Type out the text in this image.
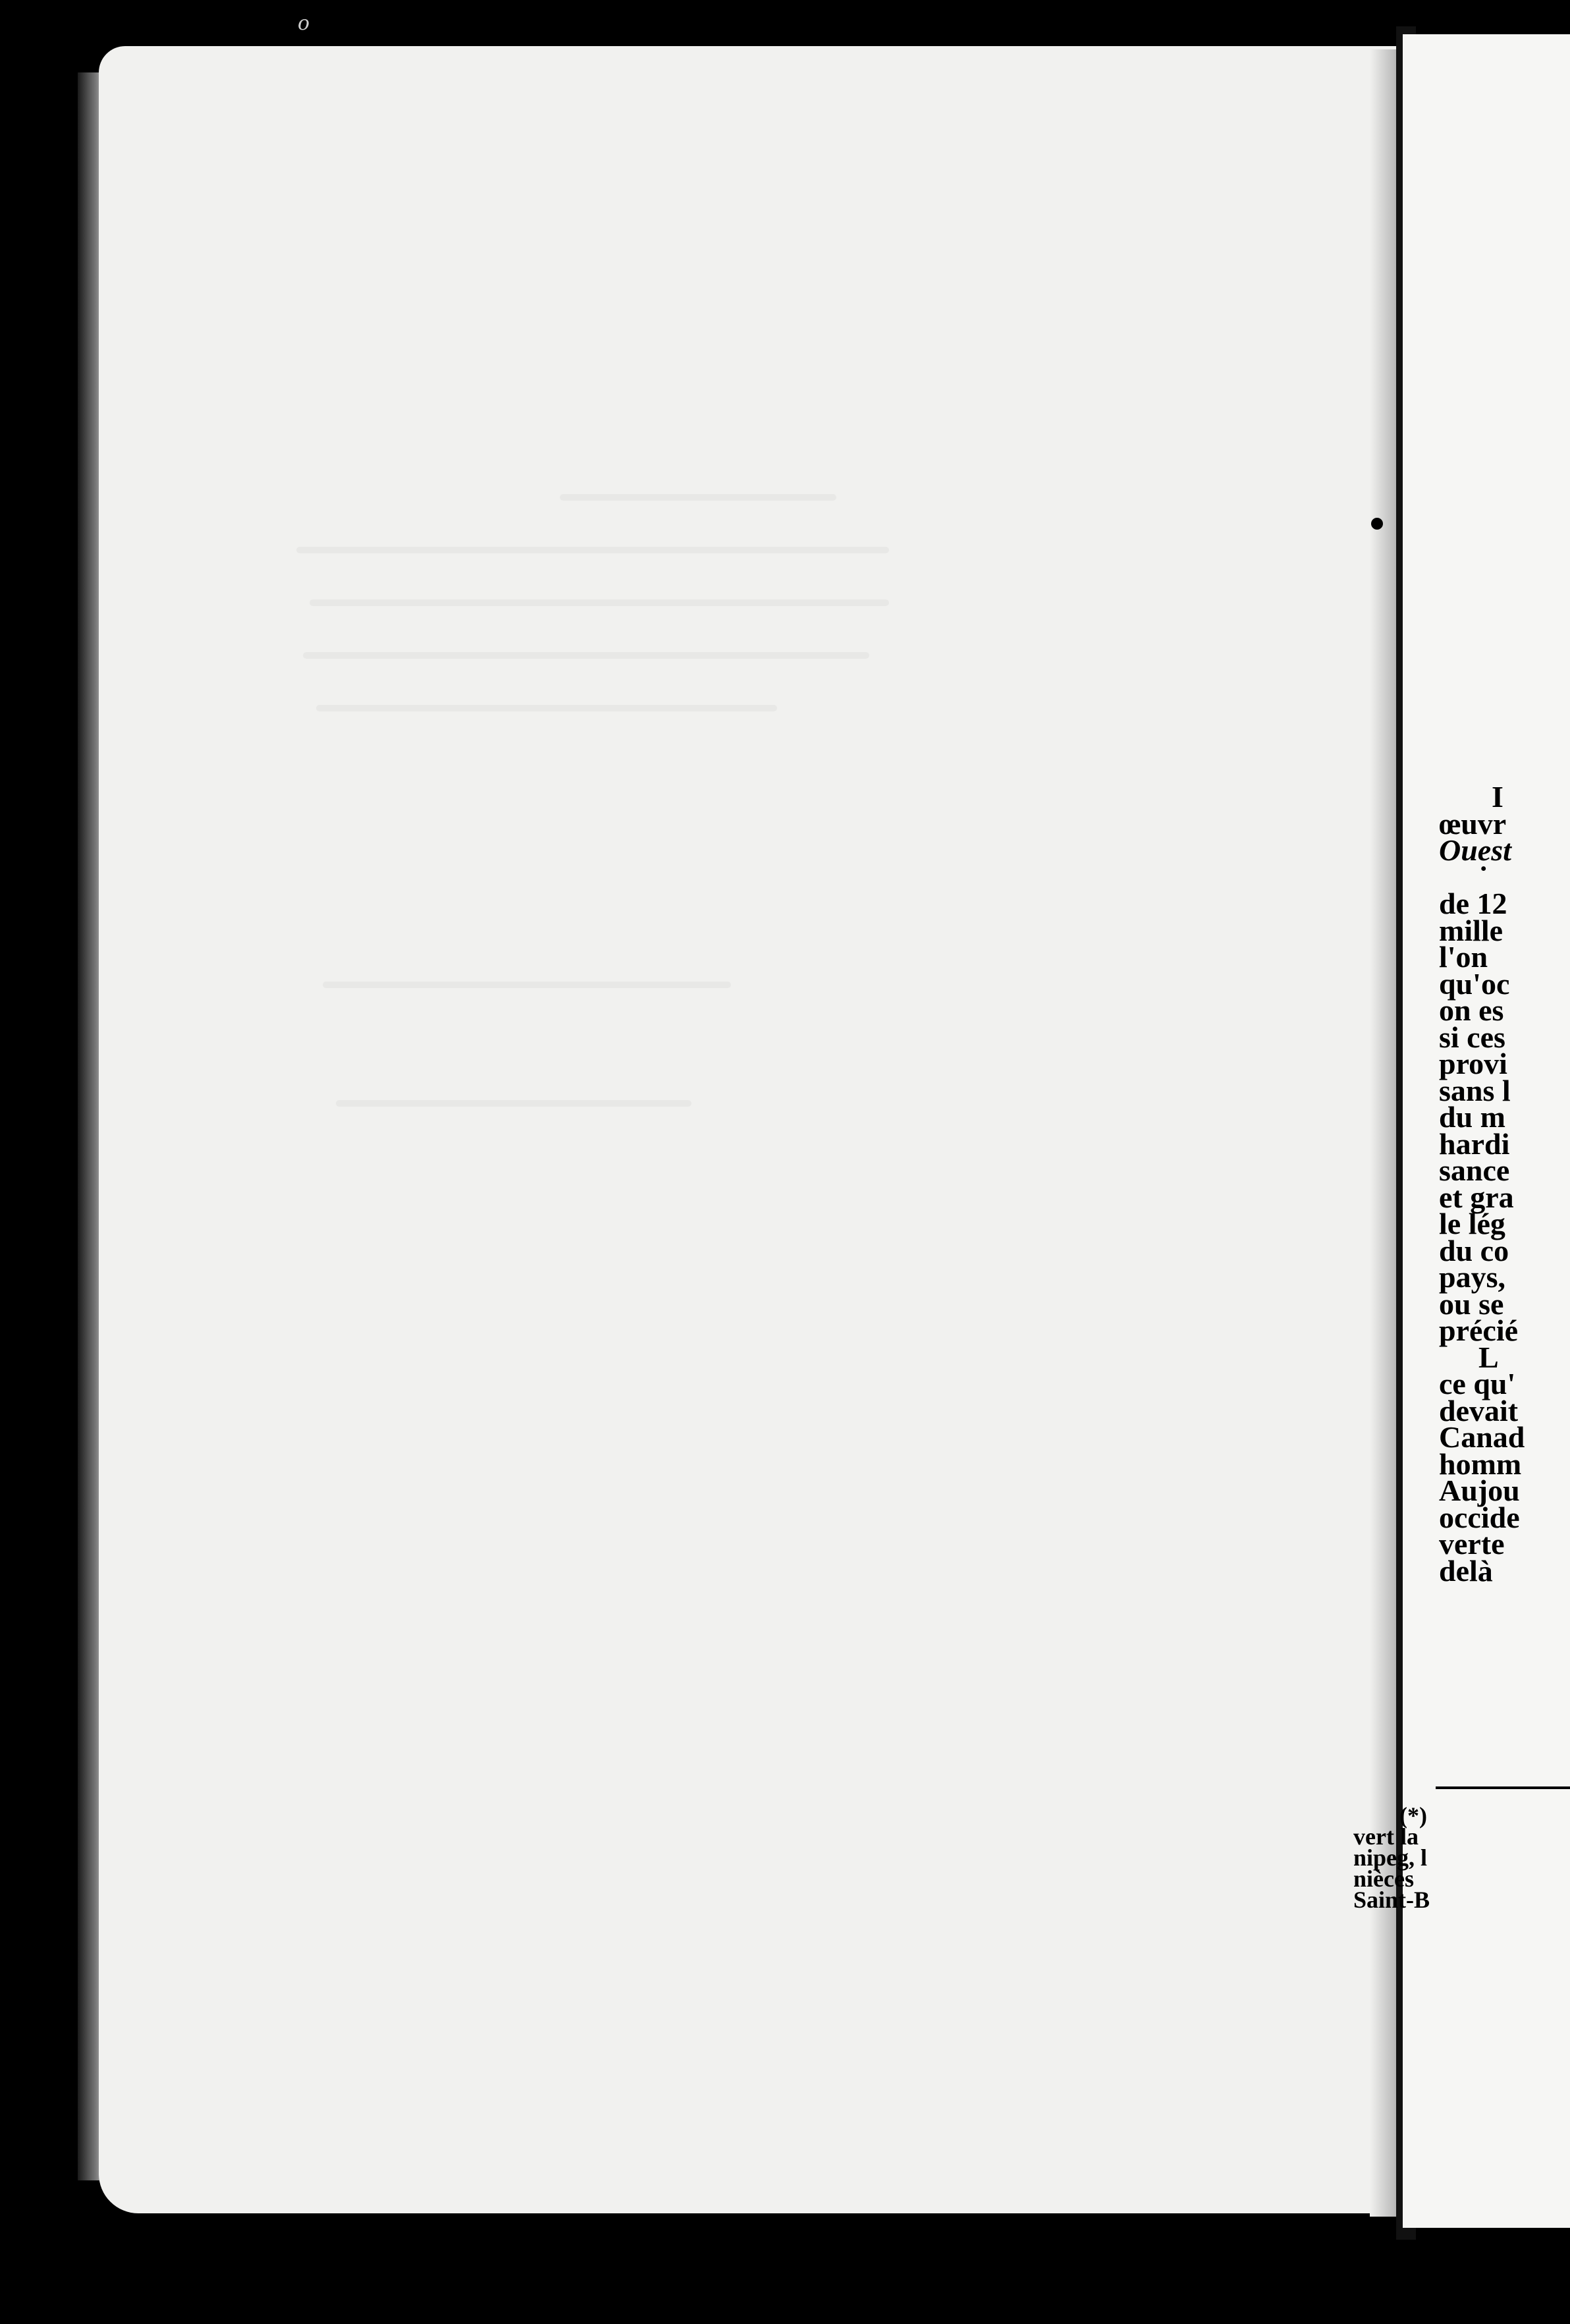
o
I
œuvr
Ouest
˙
de 12
mille
l'on
qu'oc
on es
si ces
provi
sans l
du m
hardi
sance
et gra
le lég
du co
pays,
ou se
précié
L
ce qu'
devait
Canad
homm
Aujou
occide
verte
delà
(*)
vert la
nipeg, l
nièces
Saint-B
